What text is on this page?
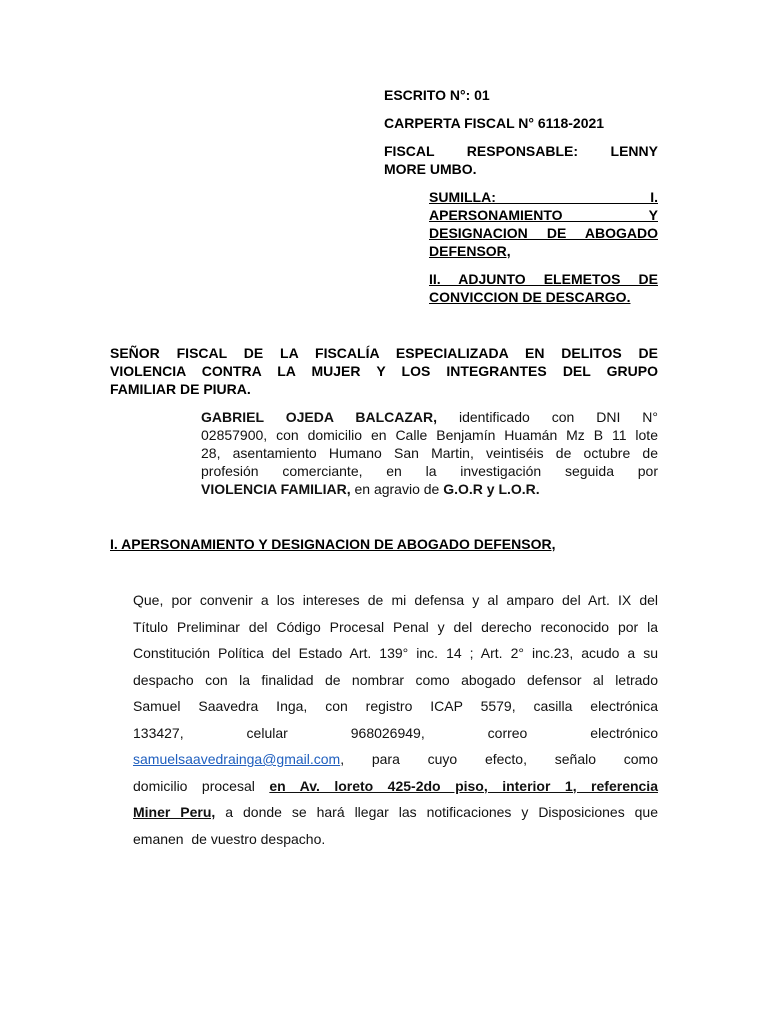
ESCRITO N°: 01
CARPERTA FISCAL N° 6118-2021
FISCAL RESPONSABLE: LENNY
MORE UMBO.
SUMILLA: I.
APERSONAMIENTO Y
DESIGNACION DE ABOGADO
DEFENSOR,
II. ADJUNTO ELEMETOS DE
CONVICCION DE DESCARGO.
SEÑOR FISCAL DE LA FISCALÍA ESPECIALIZADA EN DELITOS DE
VIOLENCIA CONTRA LA MUJER Y LOS INTEGRANTES DEL GRUPO
FAMILIAR DE PIURA.
GABRIEL OJEDA BALCAZAR, identificado con DNI N°
02857900, con domicilio en Calle Benjamín Huamán Mz B 11 lote
28, asentamiento Humano San Martin, veintiséis de octubre de
profesión comerciante, en la investigación seguida por
VIOLENCIA FAMILIAR, en agravio de G.O.R y L.O.R.
I. APERSONAMIENTO Y DESIGNACION DE ABOGADO DEFENSOR,
Que, por convenir a los intereses de mi defensa y al amparo del Art. IX del
Título Preliminar del Código Procesal Penal y del derecho reconocido por la
Constitución Política del Estado Art. 139° inc. 14 ; Art. 2° inc.23, acudo a su
despacho con la finalidad de nombrar como abogado defensor al letrado
Samuel Saavedra Inga, con registro ICAP 5579, casilla electrónica
133427, celular 968026949, correo electrónico
samuelsaavedrainga@gmail.com, para cuyo efecto, señalo como
domicilio procesal en Av. loreto 425-2do piso, interior 1, referencia
Miner Peru, a donde se hará llegar las notificaciones y Disposiciones que
emanen  de vuestro despacho.
